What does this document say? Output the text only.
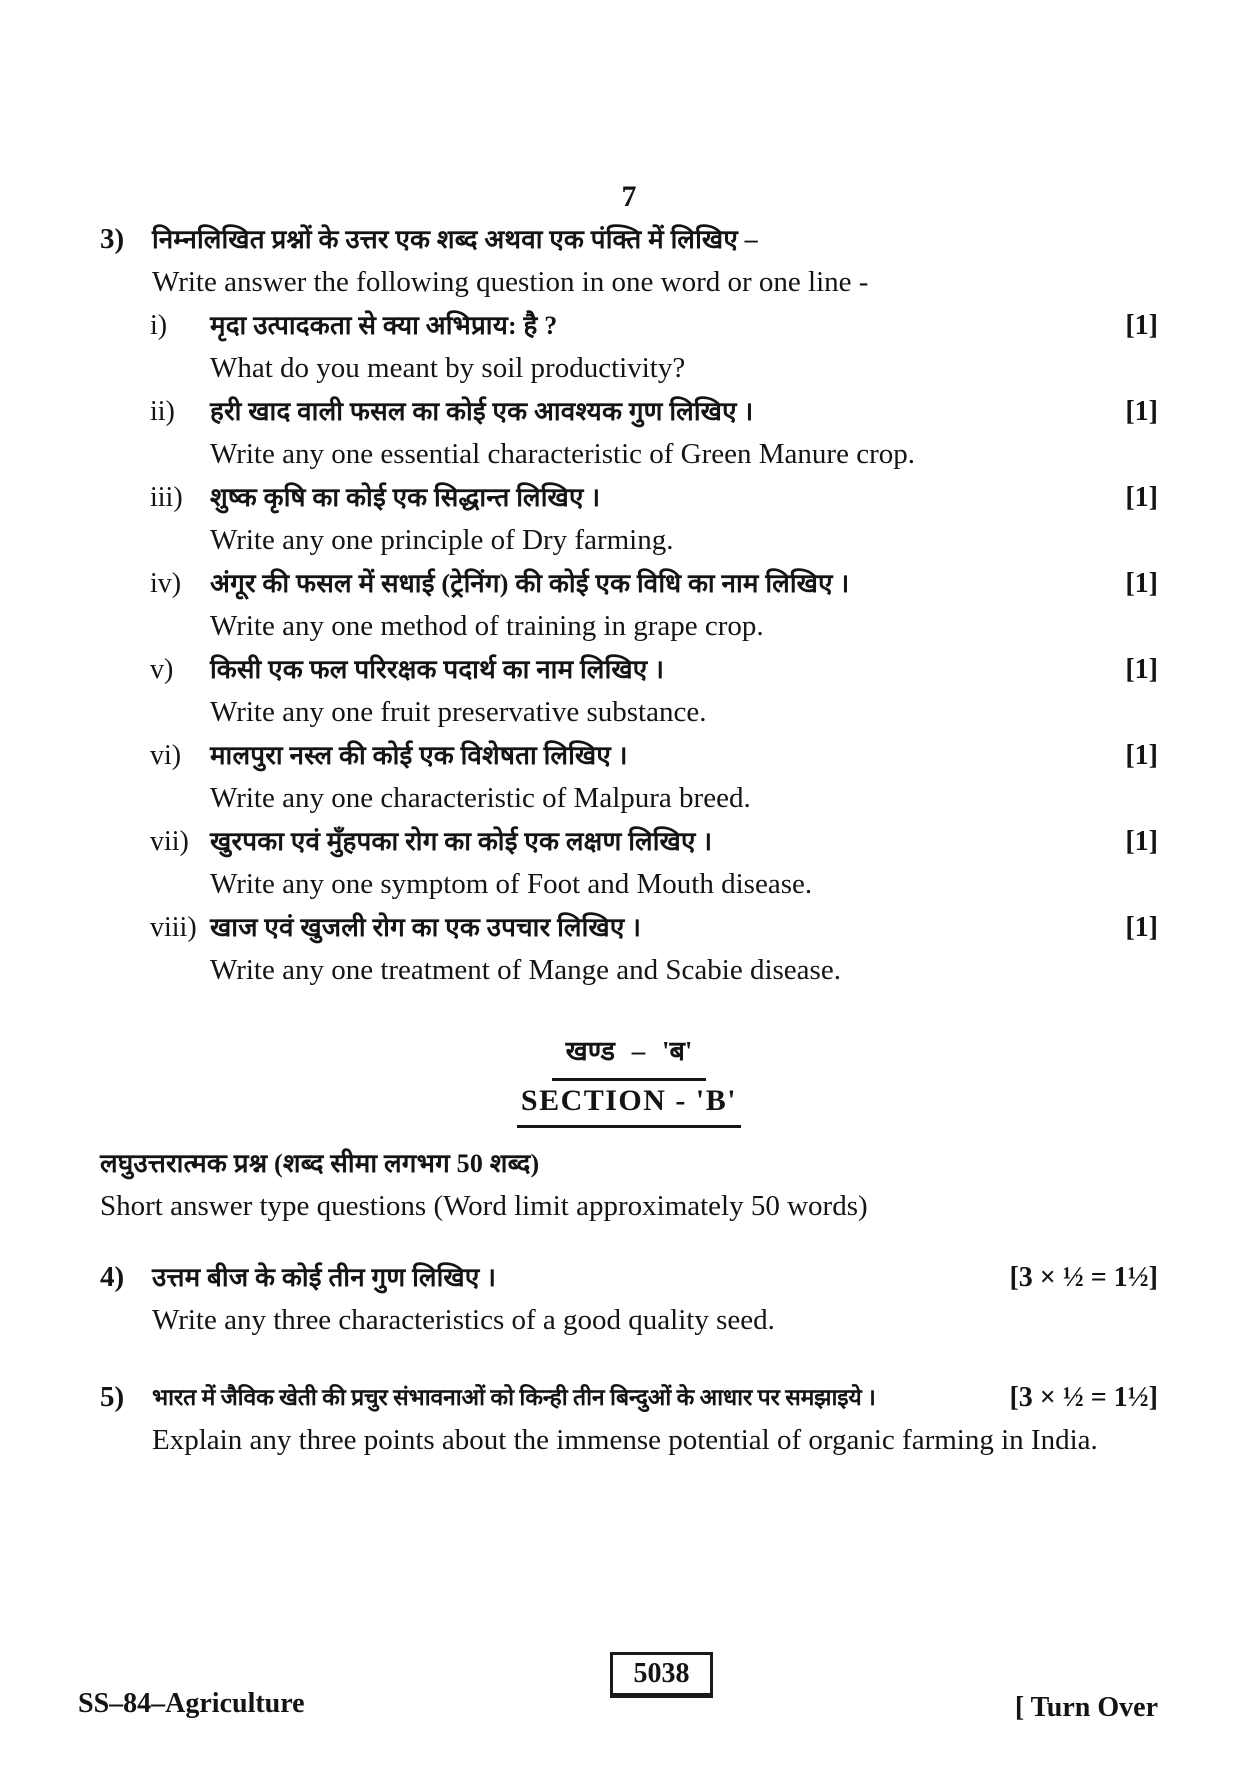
7
3) निम्नलिखित प्रश्नों के उत्तर एक शब्द अथवा एक पंक्ति में लिखिए –
Write answer the following question in one word or one line -
i) मृदा उत्पादकता से क्या अभिप्राय: है ?	[1]
What do you meant by soil productivity?
ii) हरी खाद वाली फसल का कोई एक आवश्यक गुण लिखिए ।	[1]
Write any one essential characteristic of Green Manure crop.
iii) शुष्क कृषि का कोई एक सिद्धान्त लिखिए ।	[1]
Write any one principle of Dry farming.
iv) अंगूर की फसल में सधाई (ट्रेनिंग) की कोई एक विधि का नाम लिखिए ।	[1]
Write any one method of training in grape crop.
v) किसी एक फल परिरक्षक पदार्थ का नाम लिखिए ।	[1]
Write any one fruit preservative substance.
vi) मालपुरा नस्ल की कोई एक विशेषता लिखिए ।	[1]
Write any one characteristic of Malpura breed.
vii) खुरपका एवं मुँहपका रोग का कोई एक लक्षण लिखिए ।	[1]
Write any one symptom of Foot and Mouth disease.
viii) खाज एवं खुजली रोग का एक उपचार लिखिए ।	[1]
Write any one treatment of Mange and Scabie disease.
खण्ड – 'ब'
SECTION - 'B'
लघुउत्तरात्मक प्रश्न (शब्द सीमा लगभग 50 शब्द)
Short answer type questions (Word limit approximately 50 words)
4) उत्तम बीज के कोई तीन गुण लिखिए ।	[3 × ½ = 1½]
Write any three characteristics of a good quality seed.
5) भारत में जैविक खेती की प्रचुर संभावनाओं को किन्ही तीन बिन्दुओं के आधार पर समझाइये ।	[3 × ½ = 1½]
Explain any three points about the immense potential of organic farming in India.
SS–84–Agriculture
5038
[ Turn Over
